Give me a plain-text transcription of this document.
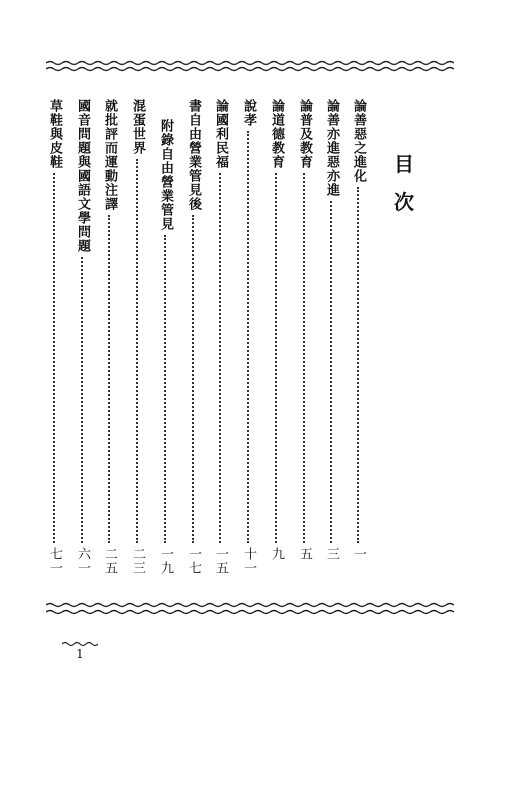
目
次
論善惡之進化
一
論善亦進惡亦進
三
論普及教育
五
論道德教育
九
說孝
十一
論國利民福
一五
書自由營業管見後
一七
附錄自由營業管見
一九
混蛋世界
二三
就批評而運動注譯
二五
國音問題與國語文學問題
六一
草鞋與皮鞋
七一
1
